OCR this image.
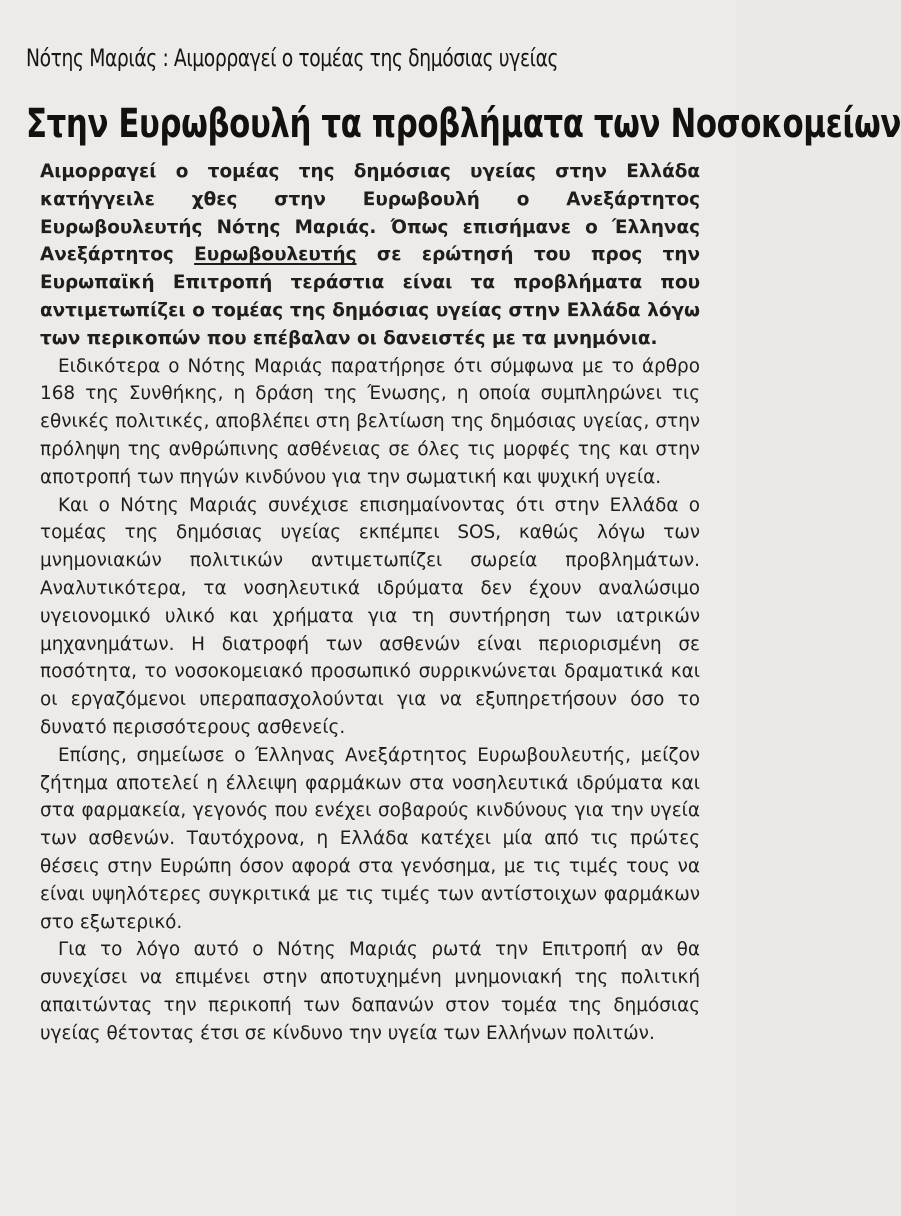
Νότης Μαριάς : Αιμορραγεί ο τομέας της δημόσιας υγείας
Στην Ευρωβουλή τα προβλήματα των Νοσοκομείων

Αιμορραγεί ο τομέας της δημόσιας υγείας στην Ελλάδα κατήγγειλε χθες στην Ευρωβουλή ο Ανεξάρτητος Ευρωβουλευτής Νότης Μαριάς. Όπως επισήμανε ο Έλληνας Ανεξάρτητος Ευρωβουλευτής σε ερώτησή του προς την Ευρωπαϊκή Επιτροπή τεράστια είναι τα προβλήματα που αντιμετωπίζει ο τομέας της δημόσιας υγείας στην Ελλάδα λόγω των περικοπών που επέβαλαν οι δανειστές με τα μνημόνια.

Ειδικότερα ο Νότης Μαριάς παρατήρησε ότι σύμφωνα με το άρθρο 168 της Συνθήκης, η δράση της Ένωσης, η οποία συμπληρώνει τις εθνικές πολιτικές, αποβλέπει στη βελτίωση της δημόσιας υγείας, στην πρόληψη της ανθρώπινης ασθένειας σε όλες τις μορφές της και στην αποτροπή των πηγών κινδύνου για την σωματική και ψυχική υγεία.

Και ο Νότης Μαριάς συνέχισε επισημαίνοντας ότι στην Ελλάδα ο τομέας της δημόσιας υγείας εκπέμπει SOS, καθώς λόγω των μνημονιακών πολιτικών αντιμετωπίζει σωρεία προβλημάτων. Αναλυτικότερα, τα νοσηλευτικά ιδρύματα δεν έχουν αναλώσιμο υγειονομικό υλικό και χρήματα για τη συντήρηση των ιατρικών μηχανημάτων. Η διατροφή των ασθενών είναι περιορισμένη σε ποσότητα, το νοσοκομειακό προσωπικό συρρικνώνεται δραματικά και οι εργαζόμενοι υπεραπασχολούνται για να εξυπηρετήσουν όσο το δυνατό περισσότερους ασθενείς.

Επίσης, σημείωσε ο Έλληνας Ανεξάρτητος Ευρωβουλευτής, μείζον ζήτημα αποτελεί η έλλειψη φαρμάκων στα νοσηλευτικά ιδρύματα και στα φαρμακεία, γεγονός που ενέχει σοβαρούς κινδύνους για την υγεία των ασθενών. Ταυτόχρονα, η Ελλάδα κατέχει μία από τις πρώτες θέσεις στην Ευρώπη όσον αφορά στα γενόσημα, με τις τιμές τους να είναι υψηλότερες συγκριτικά με τις τιμές των αντίστοιχων φαρμάκων στο εξωτερικό.

Για το λόγο αυτό ο Νότης Μαριάς ρωτά την Επιτροπή αν θα συνεχίσει να επιμένει στην αποτυχημένη μνημονιακή της πολιτική απαιτώντας την περικοπή των δαπανών στον τομέα της δημόσιας υγείας θέτοντας έτσι σε κίνδυνο την υγεία των Ελλήνων πολιτών.
